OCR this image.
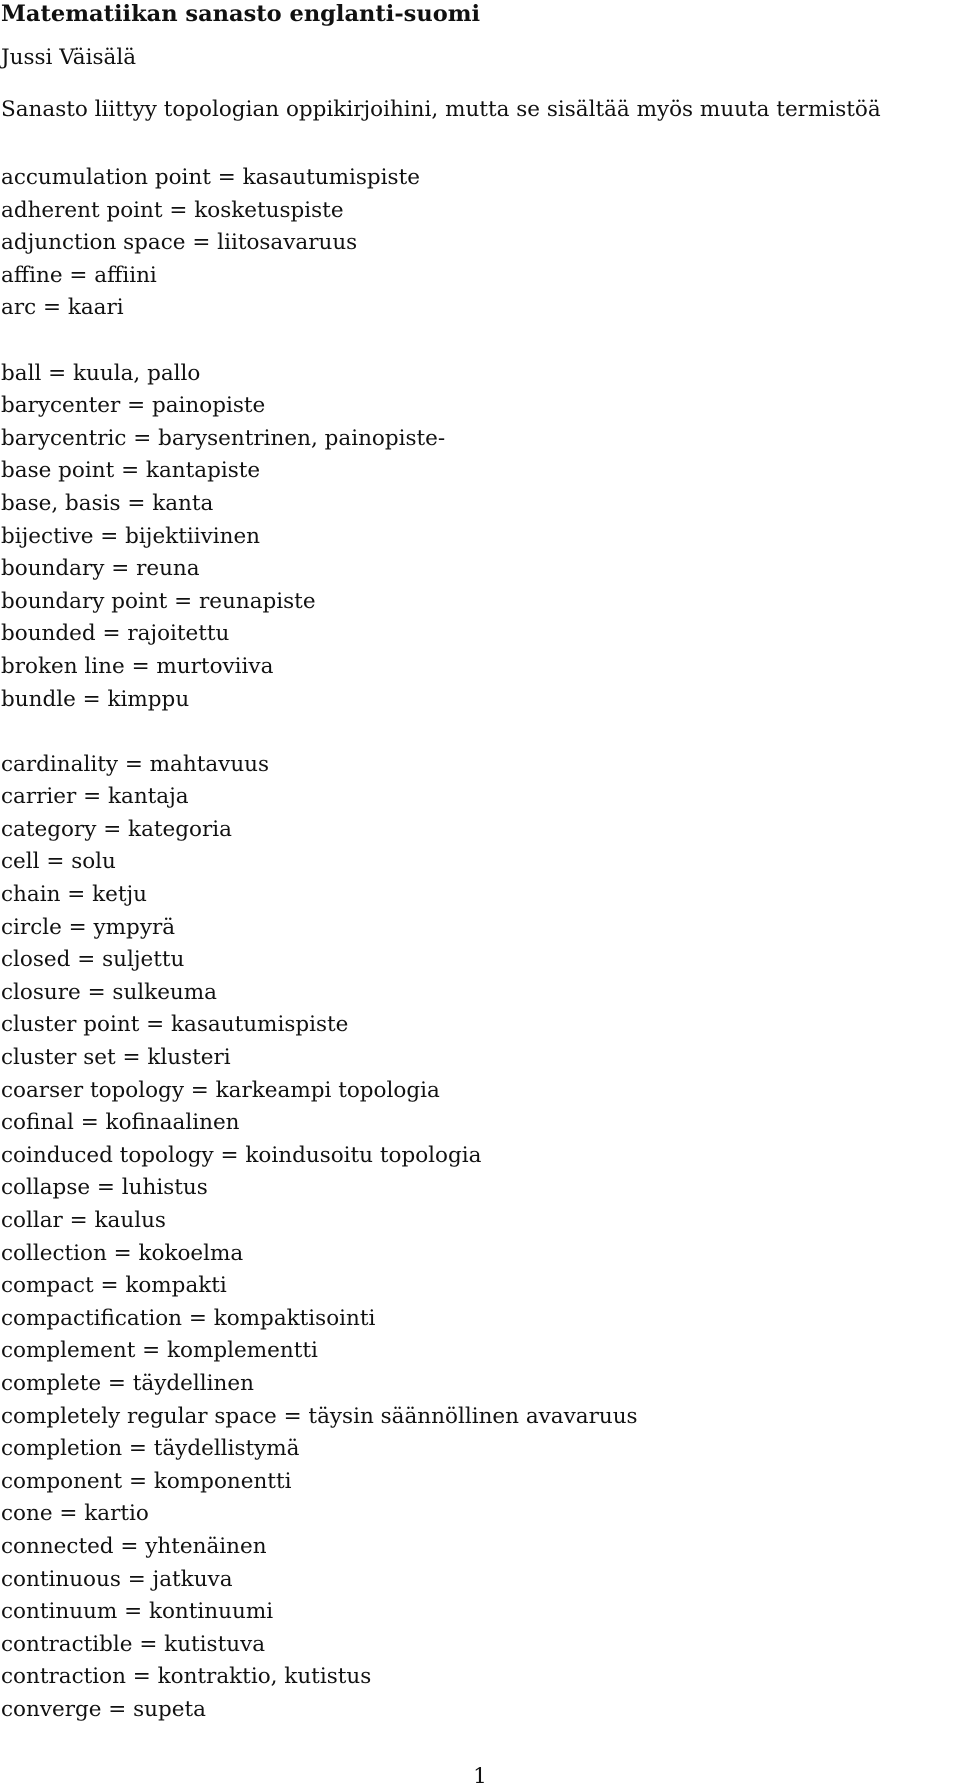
Matematiikan sanasto englanti-suomi
Jussi Väisälä
Sanasto liittyy topologian oppikirjoihini, mutta se sisältää myös muuta termistöä
accumulation point = kasautumispiste
adherent point = kosketuspiste
adjunction space = liitosavaruus
affine = affiini
arc = kaari
ball = kuula, pallo
barycenter = painopiste
barycentric = barysentrinen, painopiste-
base point = kantapiste
base, basis = kanta
bijective = bijektiivinen
boundary = reuna
boundary point = reunapiste
bounded = rajoitettu
broken line = murtoviiva
bundle = kimppu
cardinality = mahtavuus
carrier = kantaja
category = kategoria
cell = solu
chain = ketju
circle = ympyrä
closed = suljettu
closure = sulkeuma
cluster point = kasautumispiste
cluster set = klusteri
coarser topology = karkeampi topologia
cofinal = kofinaalinen
coinduced topology = koindusoitu topologia
collapse = luhistus
collar = kaulus
collection = kokoelma
compact = kompakti
compactification = kompaktisointi
complement = komplementti
complete = täydellinen
completely regular space = täysin säännöllinen avavaruus
completion = täydellistymä
component = komponentti
cone = kartio
connected = yhtenäinen
continuous = jatkuva
continuum = kontinuumi
contractible = kutistuva
contraction = kontraktio, kutistus
converge = supeta
1
